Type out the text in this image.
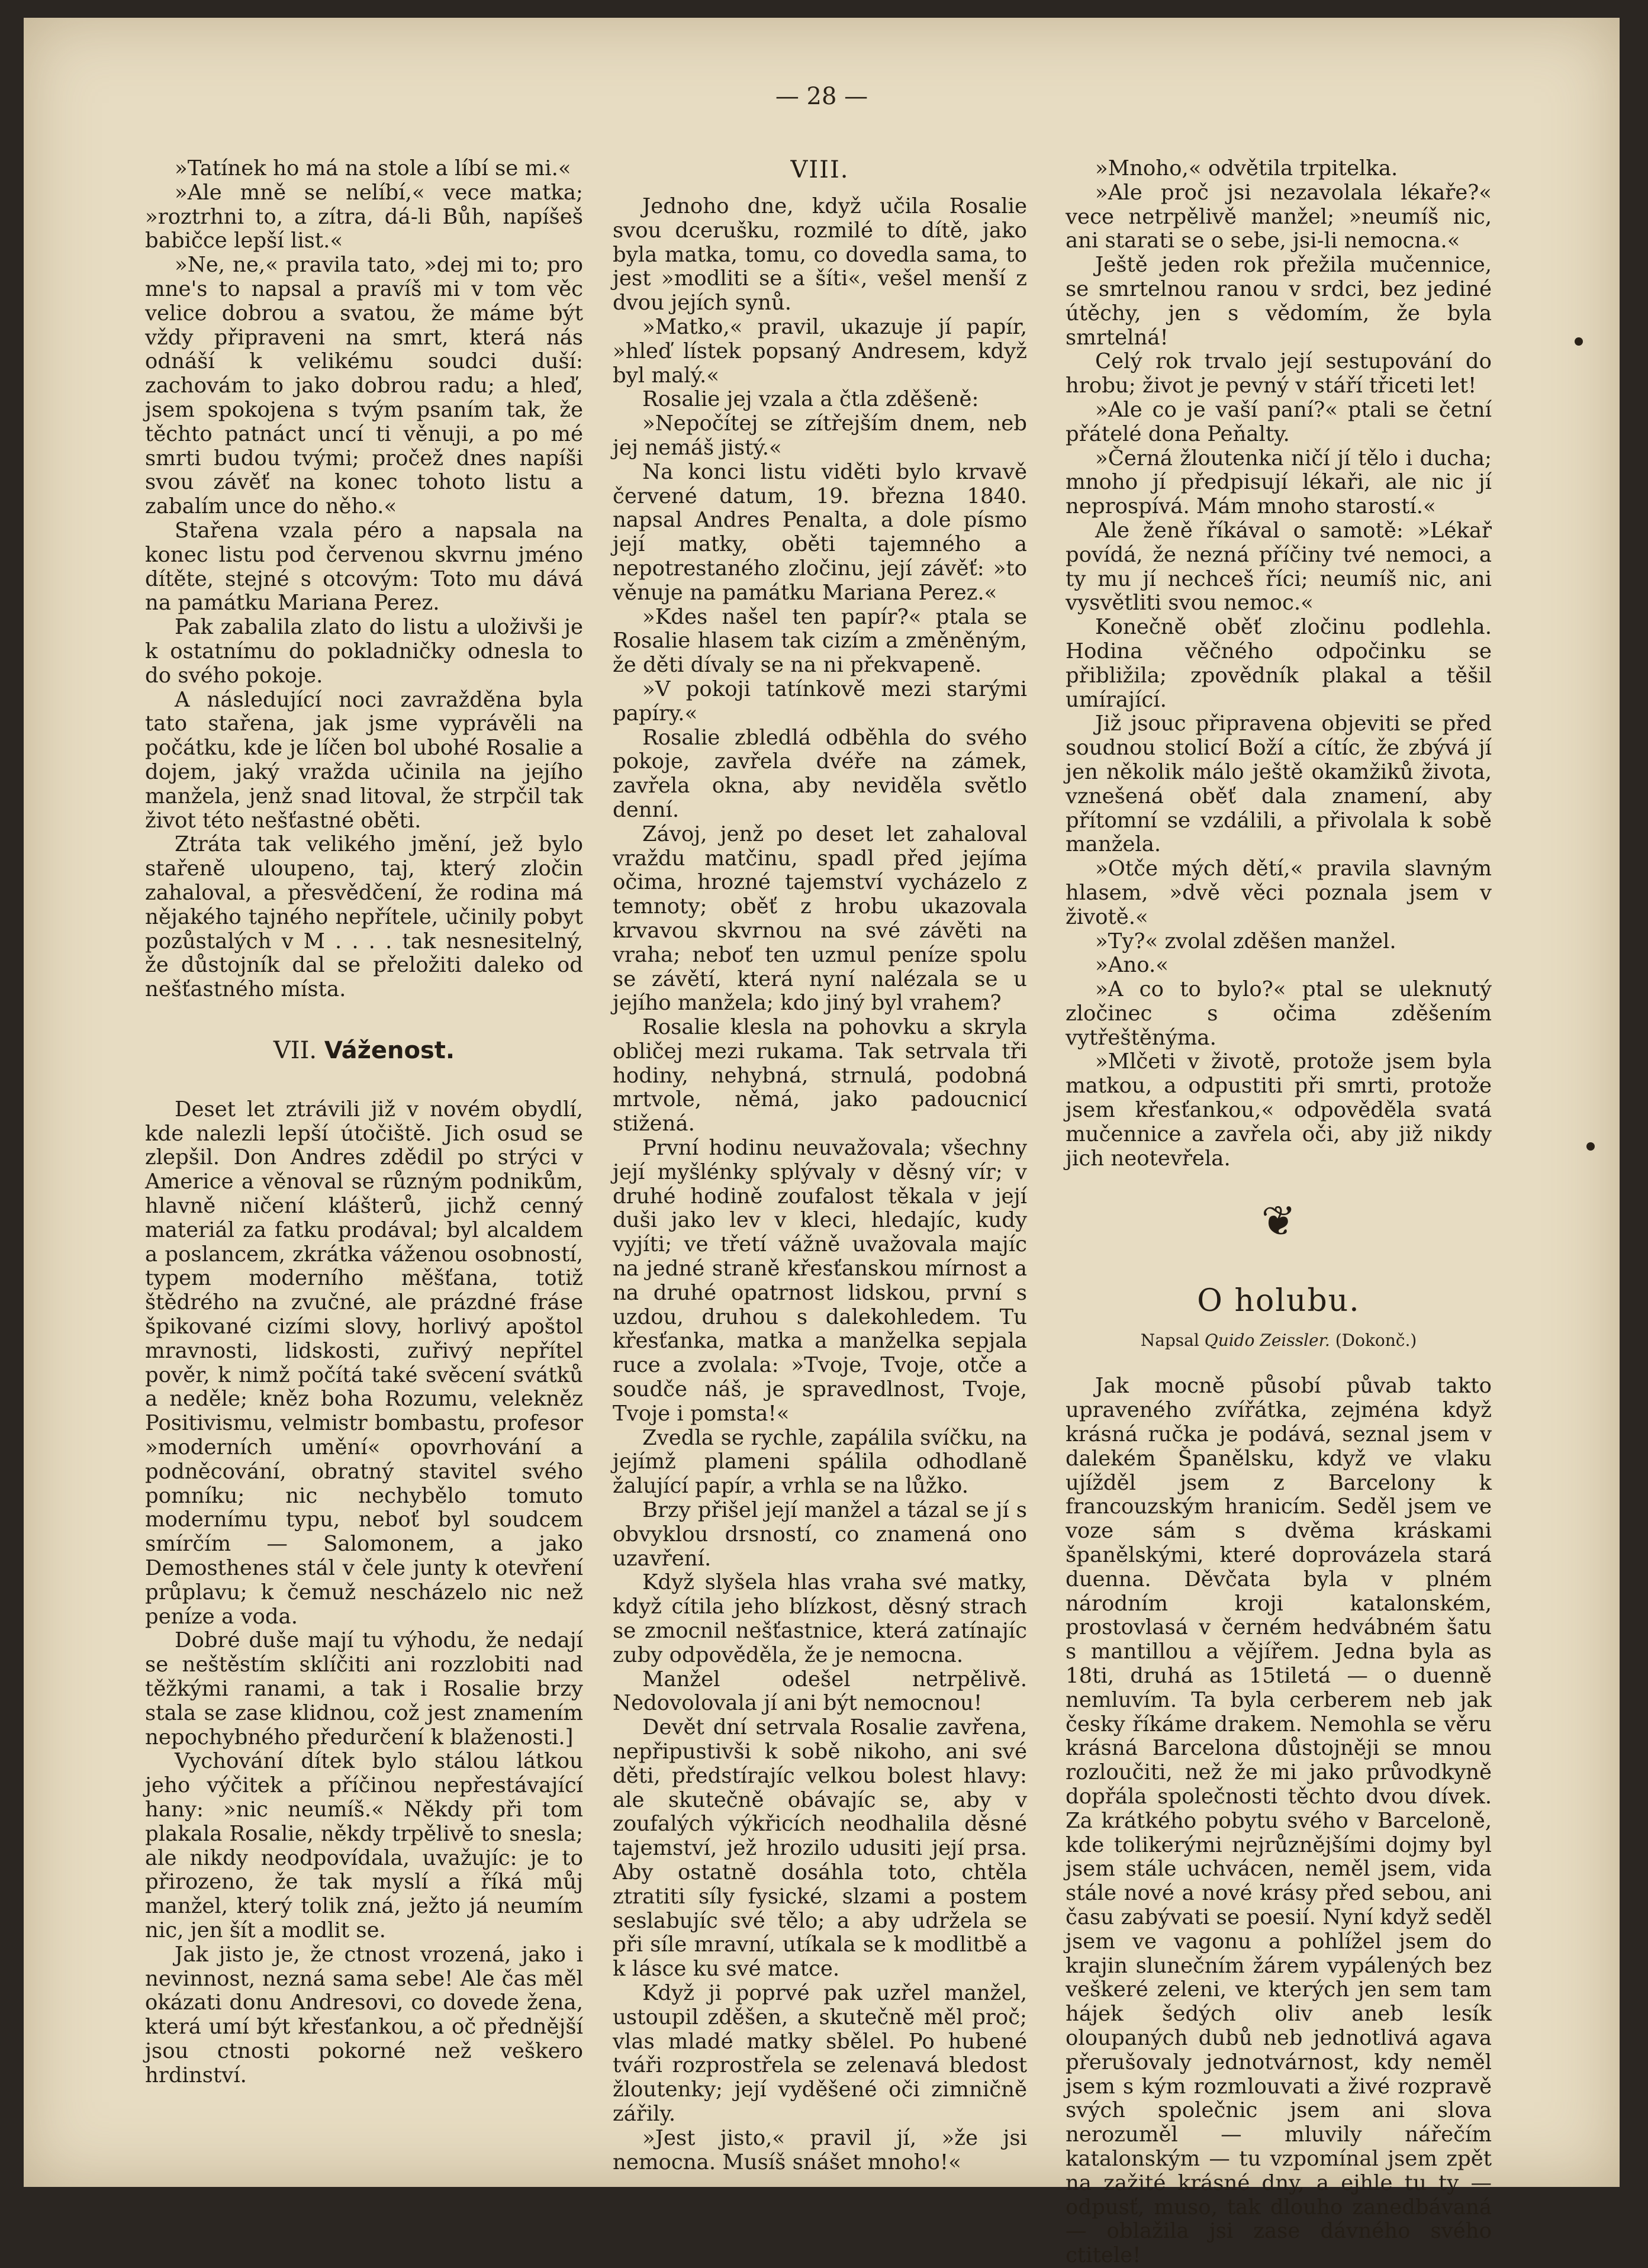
— 28 —

»Tatínek ho má na stole a líbí se mi.«

»Ale mně se nelíbí,« vece matka; »roztrhni to, a zítra, dá-li Bůh, napíšeš babičce lepší list.«

»Ne, ne,« pravila tato, »dej mi to; pro mne's to napsal a pravíš mi v tom věc velice dobrou a svatou, že máme být vždy připraveni na smrt, která nás odnáší k velikému soudci duší: zachovám to jako dobrou radu; a hleď, jsem spokojena s tvým psaním tak, že těchto patnáct uncí ti věnuji, a po mé smrti budou tvými; pročež dnes napíši svou závěť na konec tohoto listu a zabalím unce do něho.«

Stařena vzala péro a napsala na konec listu pod červenou skvrnu jméno dítěte, stejné s otcovým: Toto mu dává na památku Mariana Perez.

Pak zabalila zlato do listu a uloživši je k ostatnímu do pokladničky odnesla to do svého pokoje.

A následující noci zavražděna byla tato stařena, jak jsme vyprávěli na počátku, kde je líčen bol ubohé Rosalie a dojem, jaký vražda učinila na jejího manžela, jenž snad litoval, že strpčil tak život této nešťastné oběti.

Ztráta tak velikého jmění, jež bylo stařeně uloupeno, taj, který zločin zahaloval, a přesvědčení, že rodina má nějakého tajného nepřítele, učinily pobyt pozůstalých v M . . . . tak nesnesitelný, že důstojník dal se přeložiti daleko od nešťastného místa.

VII. Váženost.

Deset let ztrávili již v novém obydlí, kde nalezli lepší útočiště. Jich osud se zlepšil. Don Andres zdědil po strýci v Americe a věnoval se různým podnikům, hlavně ničení klášterů, jichž cenný materiál za fatku prodával; byl alcaldem a poslancem, zkrátka váženou osobností, typem moderního měšťana, totiž štědrého na zvučné, ale prázdné fráse špikované cizími slovy, horlivý apoštol mravnosti, lidskosti, zuřivý nepřítel pověr, k nimž počítá také svěcení svátků a neděle; kněz boha Rozumu, velekněz Positivismu, velmistr bombastu, profesor »moderních umění« opovrhování a podněcování, obratný stavitel svého pomníku; nic nechybělo tomuto modernímu typu, neboť byl soudcem smírčím — Salomonem, a jako Demosthenes stál v čele junty k otevření průplavu; k čemuž nescházelo nic než peníze a voda.

Dobré duše mají tu výhodu, že nedají se neštěstím sklíčiti ani rozzlobiti nad těžkými ranami, a tak i Rosalie brzy stala se zase klidnou, což jest znamením nepochybného předurčení k blaženosti.]

Vychování dítek bylo stálou látkou jeho výčitek a příčinou nepřestávající hany: »nic neumíš.« Někdy při tom plakala Rosalie, někdy trpělivě to snesla; ale nikdy neodpovídala, uvažujíc: je to přirozeno, že tak myslí a říká můj manžel, který tolik zná, ježto já neumím nic, jen šít a modlit se.

Jak jisto je, že ctnost vrozená, jako i nevinnost, nezná sama sebe! Ale čas měl okázati donu Andresovi, co dovede žena, která umí být křesťankou, a oč přednější jsou ctnosti pokorné než veškero hrdinství.

VIII.

Jednoho dne, když učila Rosalie svou dcerušku, rozmilé to dítě, jako byla matka, tomu, co dovedla sama, to jest »modliti se a šíti«, vešel menší z dvou jejích synů.

»Matko,« pravil, ukazuje jí papír, »hleď lístek popsaný Andresem, když byl malý.«

Rosalie jej vzala a čtla zděšeně:

»Nepočítej se zítřejším dnem, neb jej nemáš jistý.«

Na konci listu viděti bylo krvavě červené datum, 19. března 1840. napsal Andres Penalta, a dole písmo její matky, oběti tajemného a nepotrestaného zločinu, její závěť: »to věnuje na památku Mariana Perez.«

»Kdes našel ten papír?« ptala se Rosalie hlasem tak cizím a změněným, že děti dívaly se na ni překvapeně.

»V pokoji tatínkově mezi starými papíry.«

Rosalie zbledlá odběhla do svého pokoje, zavřela dvéře na zámek, zavřela okna, aby neviděla světlo denní.

Závoj, jenž po deset let zahaloval vraždu matčinu, spadl před jejíma očima, hrozné tajemství vycházelo z temnoty; oběť z hrobu ukazovala krvavou skvrnou na své závěti na vraha; neboť ten uzmul peníze spolu se závětí, která nyní nalézala se u jejího manžela; kdo jiný byl vrahem?

Rosalie klesla na pohovku a skryla obličej mezi rukama. Tak setrvala tři hodiny, nehybná, strnulá, podobná mrtvole, němá, jako padoucnicí stižená.

První hodinu neuvažovala; všechny její myšlénky splývaly v děsný vír; v druhé hodině zoufalost těkala v její duši jako lev v kleci, hledajíc, kudy vyjíti; ve třetí vážně uvažovala majíc na jedné straně křesťanskou mírnost a na druhé opatrnost lidskou, první s uzdou, druhou s dalekohledem. Tu křesťanka, matka a manželka sepjala ruce a zvolala: »Tvoje, Tvoje, otče a soudče náš, je spravedlnost, Tvoje, Tvoje i pomsta!«

Zvedla se rychle, zapálila svíčku, na jejímž plameni spálila odhodlaně žalující papír, a vrhla se na lůžko.

Brzy přišel její manžel a tázal se jí s obvyklou drsností, co znamená ono uzavření.

Když slyšela hlas vraha své matky, když cítila jeho blízkost, děsný strach se zmocnil nešťastnice, která zatínajíc zuby odpověděla, že je nemocna.

Manžel odešel netrpělivě. Nedovolovala jí ani být nemocnou!

Devět dní setrvala Rosalie zavřena, nepřipustivši k sobě nikoho, ani své děti, předstírajíc velkou bolest hlavy: ale skutečně obávajíc se, aby v zoufalých výkřicích neodhalila děsné tajemství, jež hrozilo udusiti její prsa. Aby ostatně dosáhla toto, chtěla ztratiti síly fysické, slzami a postem seslabujíc své tělo; a aby udržela se při síle mravní, utíkala se k modlitbě a k lásce ku své matce.

Když ji poprvé pak uzřel manžel, ustoupil zděšen, a skutečně měl proč; vlas mladé matky sbělel. Po hubené tváři rozprostřela se zelenavá bledost žloutenky; její vyděšené oči zimničně zářily.

»Jest jisto,« pravil jí, »že jsi nemocna. Musíš snášet mnoho!«

»Mnoho,« odvětila trpitelka.

»Ale proč jsi nezavolala lékaře?« vece netrpělivě manžel; »neumíš nic, ani starati se o sebe, jsi-li nemocna.«

Ještě jeden rok přežila mučennice, se smrtelnou ranou v srdci, bez jediné útěchy, jen s vědomím, že byla smrtelná!

Celý rok trvalo její sestupování do hrobu; život je pevný v stáří třiceti let!

»Ale co je vaší paní?« ptali se četní přátelé dona Peňalty.

»Černá žloutenka ničí jí tělo i ducha; mnoho jí předpisují lékaři, ale nic jí neprospívá. Mám mnoho starostí.«

Ale ženě říkával o samotě: »Lékař povídá, že nezná příčiny tvé nemoci, a ty mu jí nechceš říci; neumíš nic, ani vysvětliti svou nemoc.«

Konečně oběť zločinu podlehla. Hodina věčného odpočinku se přibližila; zpovědník plakal a těšil umírající.

Již jsouc připravena objeviti se před soudnou stolicí Boží a cítíc, že zbývá jí jen několik málo ještě okamžiků života, vznešená oběť dala znamení, aby přítomní se vzdálili, a přivolala k sobě manžela.

»Otče mých dětí,« pravila slavným hlasem, »dvě věci poznala jsem v životě.«

»Ty?« zvolal zděšen manžel.

»Ano.«

»A co to bylo?« ptal se uleknutý zločinec s očima zděšením vytřeštěnýma.

»Mlčeti v životě, protože jsem byla matkou, a odpustiti při smrti, protože jsem křesťankou,« odpověděla svatá mučennice a zavřela oči, aby již nikdy jich neotevřela.

❦
O holubu.
Napsal Quido Zeissler. (Dokonč.)

Jak mocně působí půvab takto upraveného zvířátka, zejména když krásná ručka je podává, seznal jsem v dalekém Španělsku, když ve vlaku ujížděl jsem z Barcelony k francouzským hranicím. Seděl jsem ve voze sám s dvěma kráskami španělskými, které doprovázela stará duenna. Děvčata byla v plném národním kroji katalonském, prostovlasá v černém hedvábném šatu s mantillou a vějířem. Jedna byla as 18ti, druhá as 15tiletá — o duenně nemluvím. Ta byla cerberem neb jak česky říkáme drakem. Nemohla se věru krásná Barcelona důstojněji se mnou rozloučiti, než že mi jako průvodkyně dopřála společnosti těchto dvou dívek. Za krátkého pobytu svého v Barceloně, kde tolikerými nejrůznějšími dojmy byl jsem stále uchvácen, neměl jsem, vida stále nové a nové krásy před sebou, ani času zabývati se poesií. Nyní když seděl jsem ve vagonu a pohlížel jsem do krajin slunečním žárem vypálených bez veškeré zeleni, ve kterých jen sem tam hájek šedých oliv aneb lesík oloupaných dubů neb jednotlivá agava přerušovaly jednotvárnost, kdy neměl jsem s kým rozmlouvati a živé rozpravě svých společnic jsem ani slova nerozuměl — mluvily nářečím katalonským — tu vzpomínal jsem zpět na zažité krásné dny, a ejhle tu ty — odpusť, muso, tak dlouho zanedbávaná — oblažila jsi zase dávného svého ctitele!
